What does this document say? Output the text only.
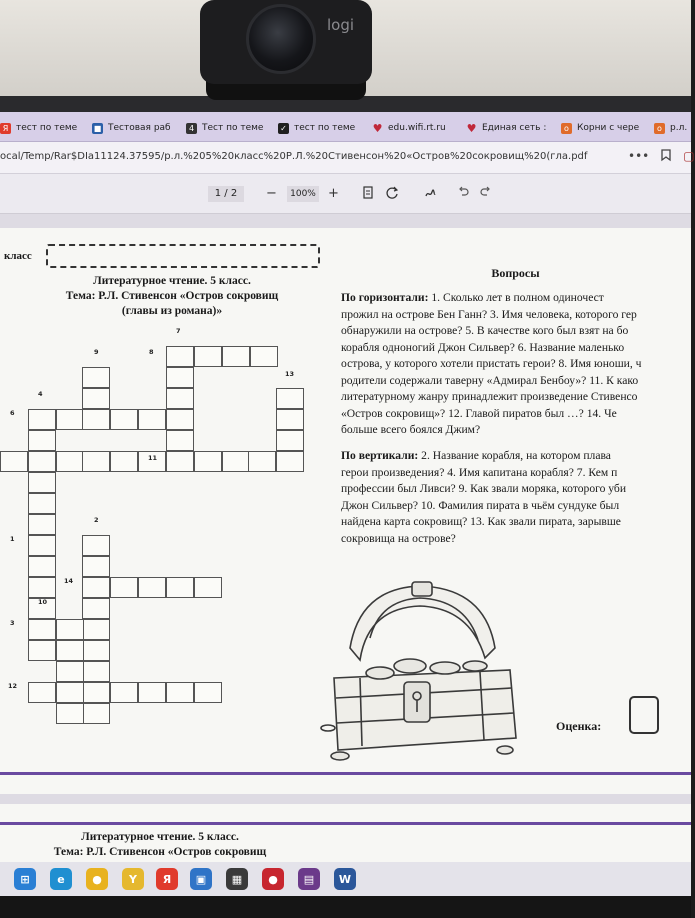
logi
Я тест по теме ■ Тестовая раб	4 Тест по теме ✓ тест по теме ♥ edu.wifi.rt.ru ♥ Единая сеть :	о Корни с чере	о р.л.
ocal/Temp/Rar$DIa11124.37595/р.л.%205%20класс%20Р.Л.%20Стивенсон%20«Остров%20сокровищ%20(гла.pdf	•••	▢
1 / 2	−	100% +
класс
Литературное чтение. 5 класс.
Тема: Р.Л. Стивенсон «Остров сокровищ
(главы из романа)»
7
9	8
13
4
6
11
2
1
14
10
3
12
Вопросы
По горизонтали: 1. Сколько лет в полном одиночест
прожил на острове Бен Ганн? 3. Имя человека, которого гер
обнаружили на острове? 5. В качестве кого был взят на бо
корабля одноногий Джон Сильвер? 6. Название маленько
острова, у которого хотели пристать герои? 8. Имя юноши, ч
родители содержали таверну «Адмирал Бенбоу»? 11. К како
литературному жанру принадлежит произведение Стивенсо
«Остров сокровищ»? 12. Главой пиратов был …? 14. Че
больше всего боялся Джим?
По вертикали: 2. Название корабля, на котором плава
герои произведения? 4. Имя капитана корабля? 7. Кем п
профессии был Ливси? 9. Как звали моряка, которого уби
Джон Сильвер? 10. Фамилия пирата в чьём сундуке был
найдена карта сокровищ? 13. Как звали пирата, зарывше
сокровища на острове?
Оценка:
Литературное чтение. 5 класс.
Тема: Р.Л. Стивенсон «Остров сокровищ
⊞	e	●	Y	Я	▣	▦	●	▤	W
